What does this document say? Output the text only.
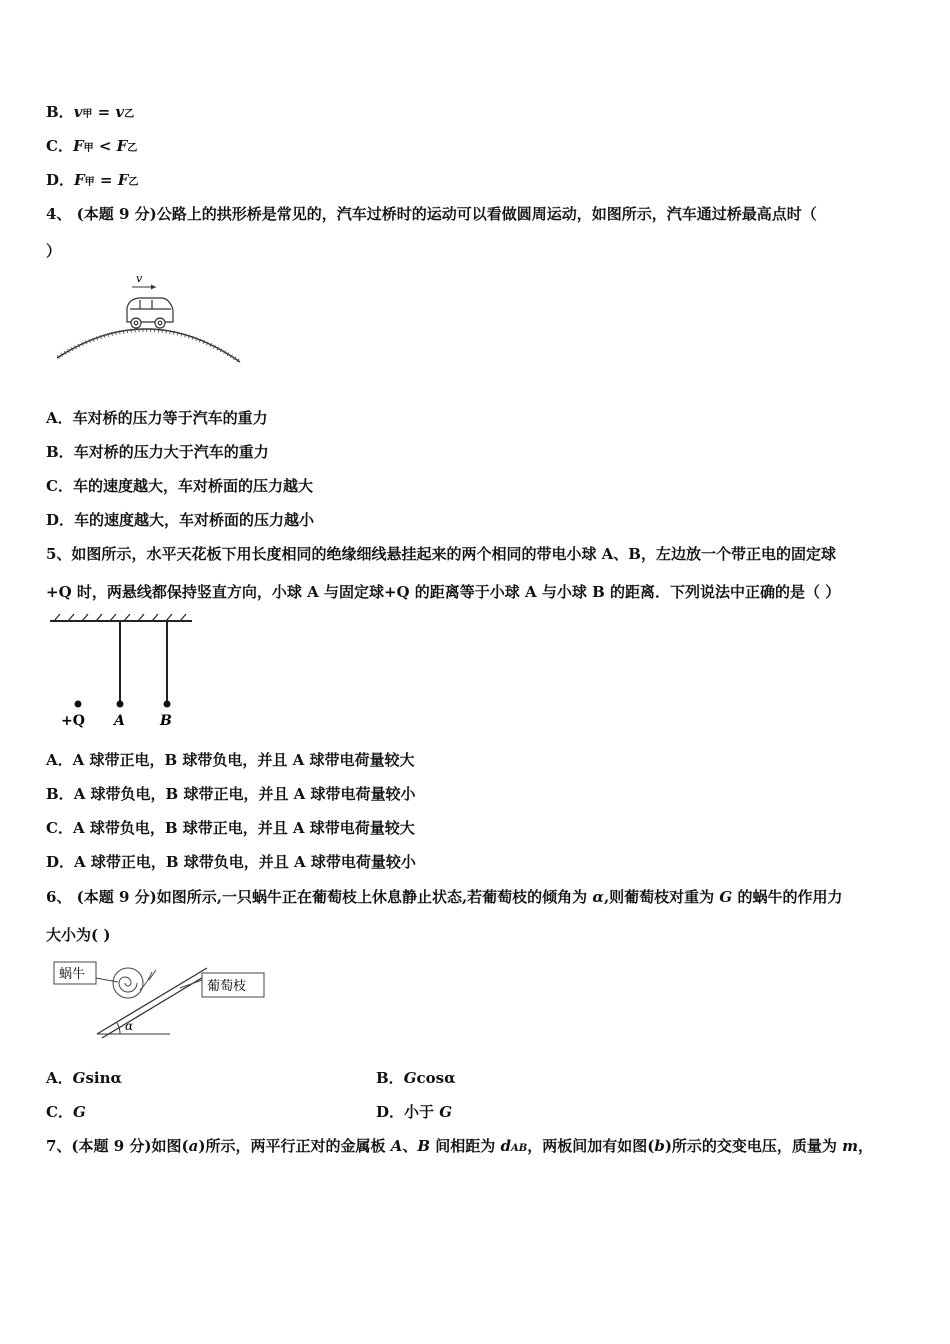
B．v甲 = v乙
C．F甲 < F乙
D．F甲 = F乙
4、 (本题 9 分)公路上的拱形桥是常见的，汽车过桥时的运动可以看做圆周运动，如图所示，汽车通过桥最高点时（
）
v
A．车对桥的压力等于汽车的重力
B．车对桥的压力大于汽车的重力
C．车的速度越大，车对桥面的压力越大
D．车的速度越大，车对桥面的压力越小
5、如图所示，水平天花板下用长度相同的绝缘细线悬挂起来的两个相同的带电小球 A、B，左边放一个带正电的固定球
+Q 时，两悬线都保持竖直方向，小球 A 与固定球+Q 的距离等于小球 A 与小球 B 的距离．下列说法中正确的是（ ）
+Q A	B
A．A 球带正电，B 球带负电，并且 A 球带电荷量较大
B．A 球带负电，B 球带正电，并且 A 球带电荷量较小
C．A 球带负电，B 球带正电，并且 A 球带电荷量较大
D．A 球带正电，B 球带负电，并且 A 球带电荷量较小
6、 (本题 9 分)如图所示,一只蜗牛正在葡萄枝上休息静止状态,若葡萄枝的倾角为 α,则葡萄枝对重为 G 的蜗牛的作用力
大小为( )
蜗牛
葡萄枝
α
A．Gsinα	B．Gcosα
C．G	D．小于 G
7、(本题 9 分)如图(a)所示，两平行正对的金属板 A、B 间相距为 dAB，两板间加有如图(b)所示的交变电压，质量为 m，
